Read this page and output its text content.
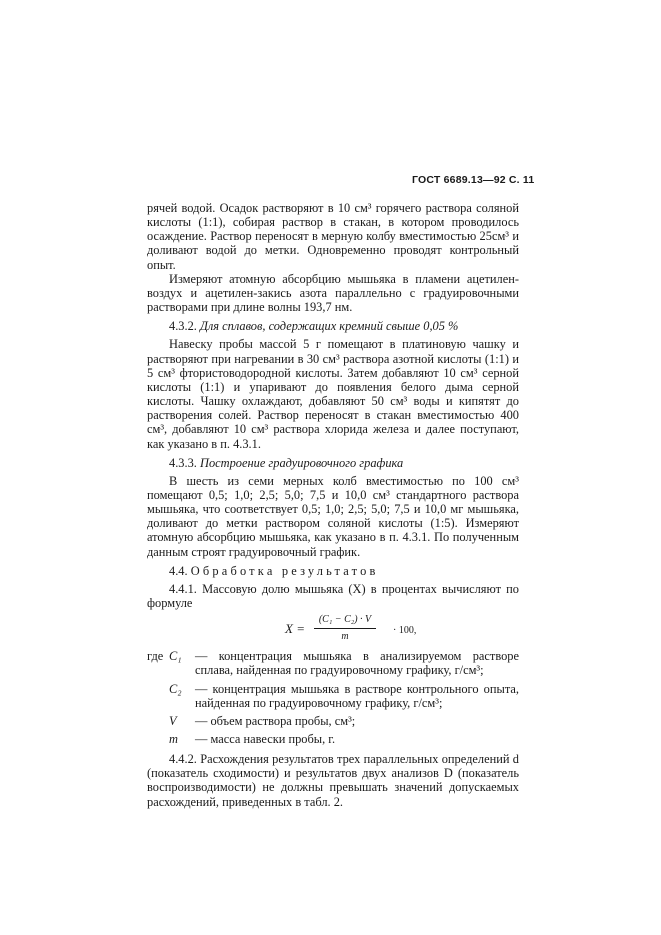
ГОСТ 6689.13—92 С. 11

рячей водой. Осадок растворяют в 10 см³ горячего раствора соляной кислоты (1:1), собирая раствор в стакан, в котором проводилось осаждение. Раствор переносят в мерную колбу вместимостью 25см³ и доливают водой до метки. Одновременно проводят контрольный опыт.

Измеряют атомную абсорбцию мышьяка в пламени ацетилен-воздух и ацетилен-закись азота параллельно с градуировочными растворами при длине волны 193,7 нм.

4.3.2. Для сплавов, содержащих кремний свыше 0,05 %

Навеску пробы массой 5 г помещают в платиновую чашку и растворяют при нагревании в 30 см³ раствора азотной кислоты (1:1) и 5 см³ фтористоводородной кислоты. Затем добавляют 10 см³ серной кислоты (1:1) и упаривают до появления белого дыма серной кислоты. Чашку охлаждают, добавляют 50 см³ воды и кипятят до растворения солей. Раствор переносят в стакан вместимостью 400 см³, добавляют 10 см³ раствора хлорида железа и далее поступают, как указано в п. 4.3.1.

4.3.3. Построение градуировочного графика

В шесть из семи мерных колб вместимостью по 100 см³ помещают 0,5; 1,0; 2,5; 5,0; 7,5 и 10,0 см³ стандартного раствора мышьяка, что соответствует 0,5; 1,0; 2,5; 5,0; 7,5 и 10,0 мг мышьяка, доливают до метки раствором соляной кислоты (1:5). Измеряют атомную абсорбцию мышьяка, как указано в п. 4.3.1. По полученным данным строят градуировочный график.

4.4. Обработка результатов

4.4.1. Массовую долю мышьяка (X) в процентах вычисляют по формуле

$X = \frac{\text{(C₁ − C₂) · V}}{m} \cdot 100$,
где C₁	— концентрация мышьяка в анализируемом растворе сплава, найденная по градуировочному графику, г/см³;
C₂	— концентрация мышьяка в растворе контрольного опыта, найденная по градуировочному графику, г/см³;
V	— объем раствора пробы, см³;
m	— масса навески пробы, г.

4.4.2. Расхождения результатов трех параллельных определений d (показатель сходимости) и результатов двух анализов D (показатель воспроизводимости) не должны превышать значений допускаемых расхождений, приведенных в табл. 2.
